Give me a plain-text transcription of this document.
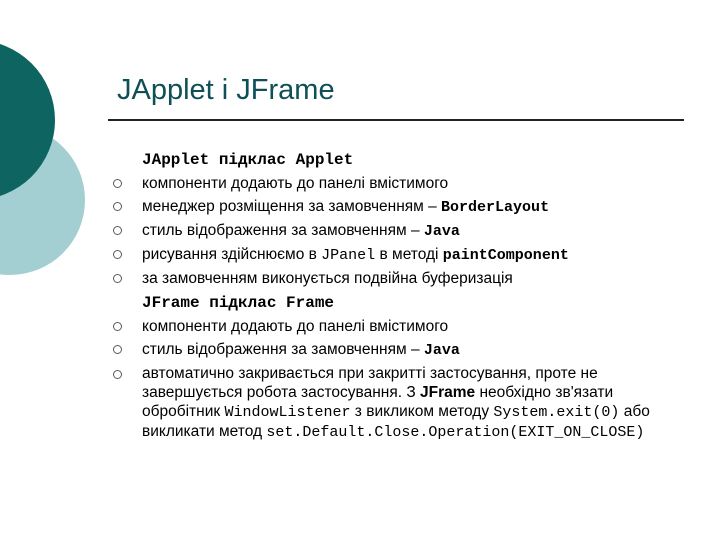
JApplet і JFrame

JApplet підклас Applet

компоненти додають до панелі вмістимого
менеджер розміщення за замовченням – BorderLayout
стиль відображення за замовченням – Java
рисування здійснюємо в JPanel в методі paintComponent
за замовченням виконується подвійна буферизація

JFrame підклас Frame

компоненти додають до панелі вмістимого
стиль відображення за замовченням – Java
автоматично закривається при закритті застосування, проте не завершується робота застосування. З JFrame необхідно зв'язати обробітник WindowListener з викликом методу System.exit(0) або викликати метод set.Default.Close.Operation(EXIT_ON_CLOSE)
